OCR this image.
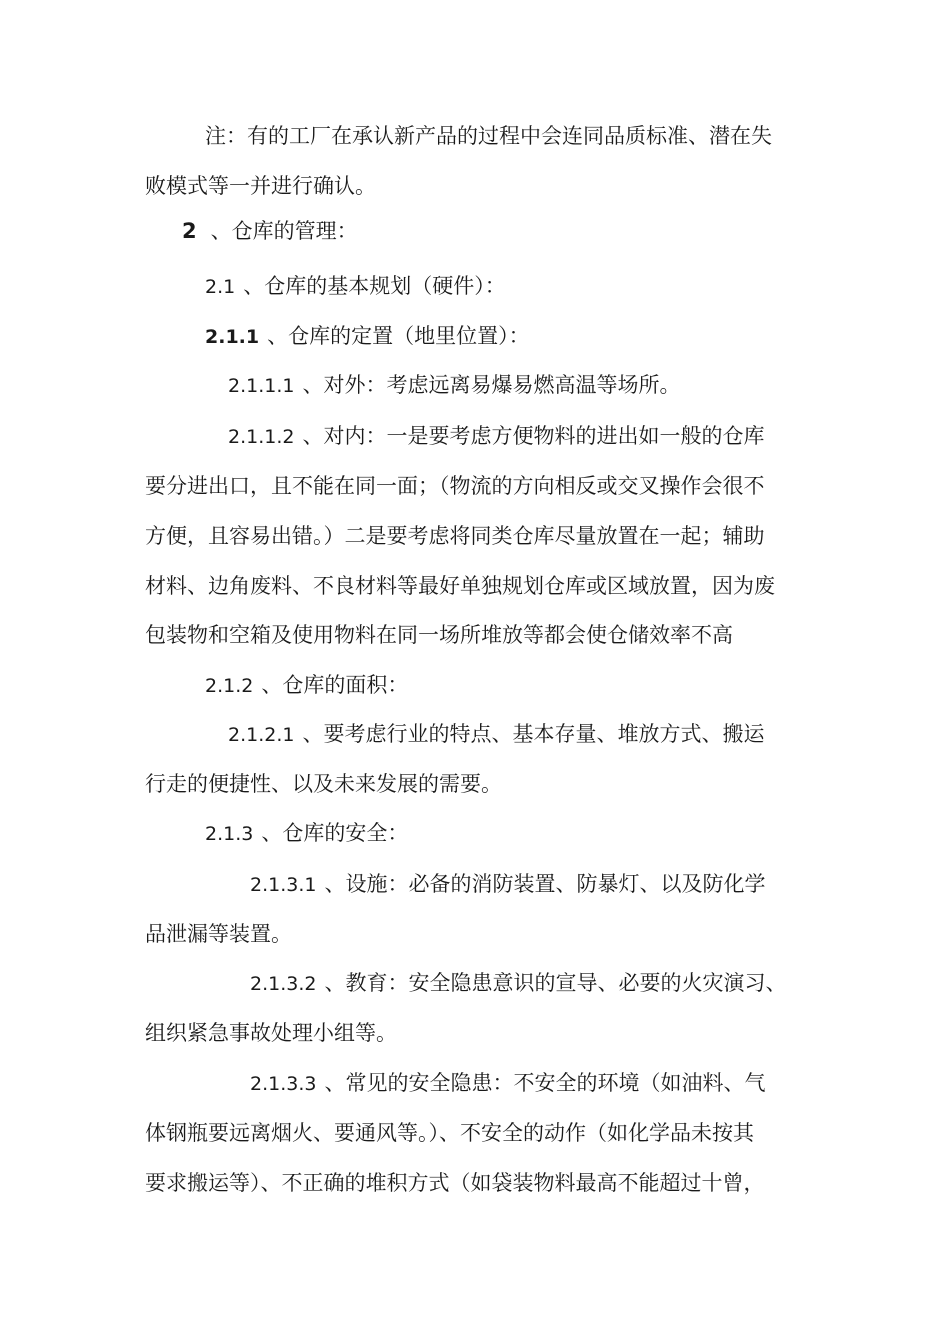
注：有的工厂在承认新产品的过程中会连同品质标准、潜在失
败模式等一并进行确认。
2 、仓库的管理：
2.1 、仓库的基本规划（硬件）：
2.1.1 、仓库的定置（地里位置）：
2.1.1.1 、对外：考虑远离易爆易燃高温等场所。
2.1.1.2 、对内：一是要考虑方便物料的进出如一般的仓库
要分进出口，且不能在同一面；（物流的方向相反或交叉操作会很不
方便，且容易出错。）二是要考虑将同类仓库尽量放置在一起；辅助
材料、边角废料、不良材料等最好单独规划仓库或区域放置，因为废
包装物和空箱及使用物料在同一场所堆放等都会使仓储效率不高
2.1.2 、仓库的面积：
2.1.2.1 、要考虑行业的特点、基本存量、堆放方式、搬运
行走的便捷性、以及未来发展的需要。
2.1.3 、仓库的安全：
2.1.3.1 、设施：必备的消防装置、防暴灯、以及防化学
品泄漏等装置。
2.1.3.2 、教育：安全隐患意识的宣导、必要的火灾演习、
组织紧急事故处理小组等。
2.1.3.3 、常见的安全隐患：不安全的环境（如油料、气
体钢瓶要远离烟火、要通风等。）、不安全的动作（如化学品未按其
要求搬运等）、不正确的堆积方式（如袋装物料最高不能超过十曾，
